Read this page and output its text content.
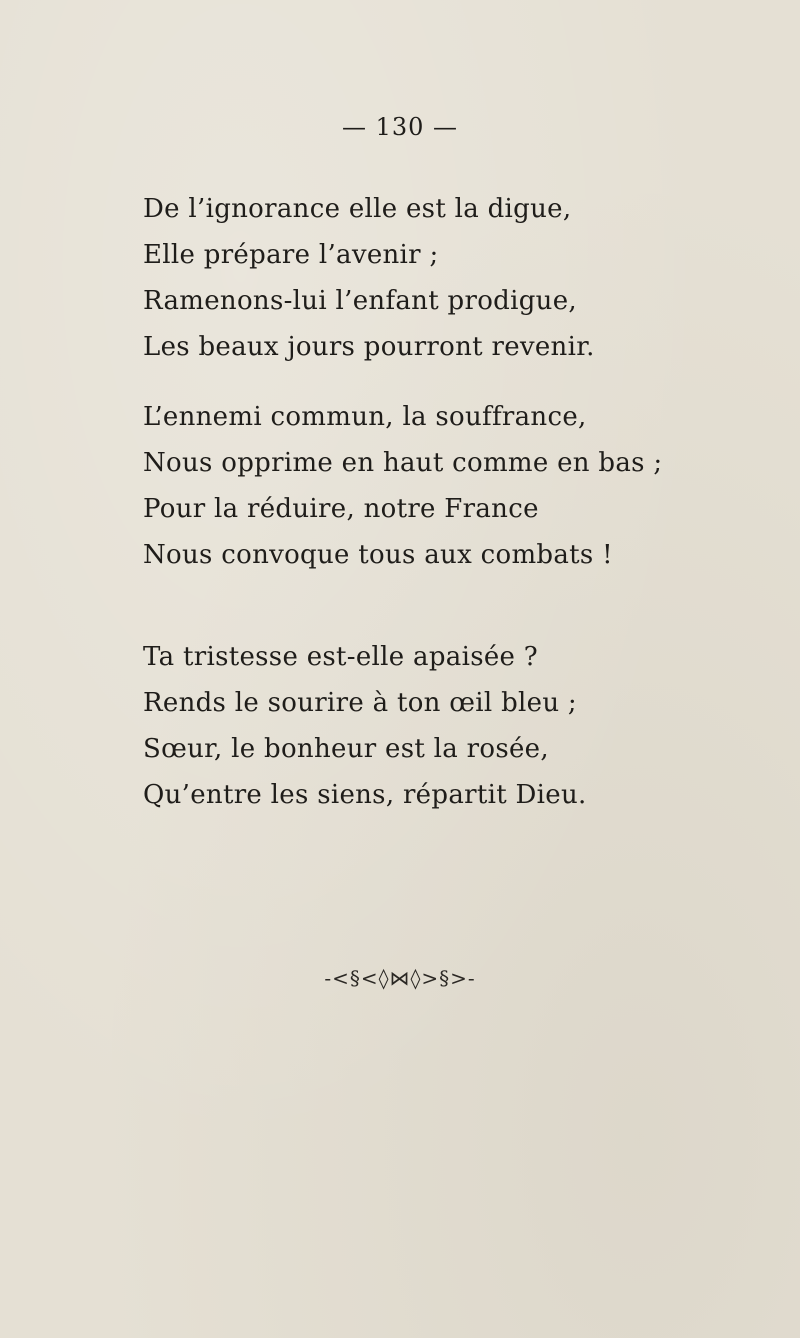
— 130 —
De l’ignorance elle est la digue,
Elle prépare l’avenir ;
Ramenons-lui l’enfant prodigue,
Les beaux jours pourront revenir.
L’ennemi commun, la souffrance,
Nous opprime en haut comme en bas ;
Pour la réduire, notre France
Nous convoque tous aux combats !
Ta tristesse est-elle apaisée ?
Rends le sourire à ton œil bleu ;
Sœur, le bonheur est la rosée,
Qu’entre les siens, répartit Dieu.
-<§<◊⋈◊>§>-
